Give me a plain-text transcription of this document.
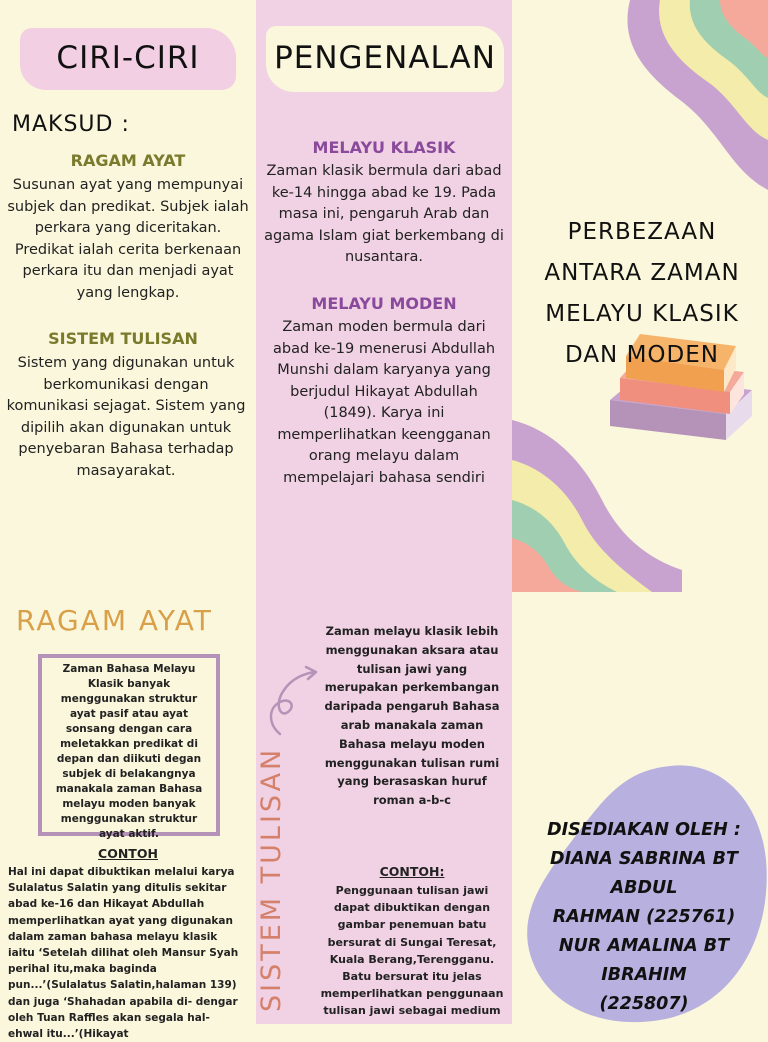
CIRI-CIRI	PENGENALAN
MAKSUD :
RAGAM AYAT
Susunan ayat yang mempunyai subjek dan predikat. Subjek ialah perkara yang diceritakan. Predikat ialah cerita berkenaan perkara itu dan menjadi ayat yang lengkap.
SISTEM TULISAN
Sistem yang digunakan untuk berkomunikasi dengan komunikasi sejagat. Sistem yang dipilih akan digunakan untuk penyebaran Bahasa terhadap masayarakat.
MELAYU KLASIK
Zaman klasik bermula dari abad ke-14 hingga abad ke 19. Pada masa ini, pengaruh Arab dan agama Islam giat berkembang di nusantara.
MELAYU MODEN
Zaman moden bermula dari abad ke-19 menerusi Abdullah Munshi dalam karyanya yang berjudul Hikayat Abdullah (1849). Karya ini memperlihatkan keengganan orang melayu dalam mempelajari bahasa sendiri
PERBEZAAN
ANTARA ZAMAN
MELAYU KLASIK
DAN MODEN
RAGAM AYAT
Zaman Bahasa Melayu Klasik banyak menggunakan struktur ayat pasif atau ayat sonsang dengan cara meletakkan predikat di depan dan diikuti degan subjek di belakangnya manakala zaman Bahasa melayu moden banyak menggunakan struktur ayat aktif.
CONTOH
Hal ini dapat dibuktikan melalui karya Sulalatus Salatin yang ditulis sekitar abad ke-16 dan Hikayat Abdullah memperlihatkan ayat yang digunakan dalam zaman bahasa melayu klasik iaitu ‘Setelah dilihat oleh Mansur Syah perihal itu,maka baginda pun...’(Sulalatus Salatin,halaman 139) dan juga ‘Shahadan apabila di- dengar oleh Tuan Raffles akan segala hal-ehwal itu...’(Hikayat
SISTEM TULISAN
Zaman melayu klasik lebih menggunakan aksara atau tulisan jawi yang merupakan perkembangan daripada pengaruh Bahasa arab manakala zaman Bahasa melayu moden menggunakan tulisan rumi yang berasaskan huruf roman a-b-c
CONTOH:
Penggunaan tulisan jawi dapat dibuktikan dengan gambar penemuan batu bersurat di Sungai Teresat, Kuala Berang,Terengganu. Batu bersurat itu jelas memperlihatkan penggunaan tulisan jawi sebagai medium
DISEDIAKAN OLEH :
DIANA SABRINA BT ABDUL
RAHMAN (225761)
NUR AMALINA BT IBRAHIM
(225807)
